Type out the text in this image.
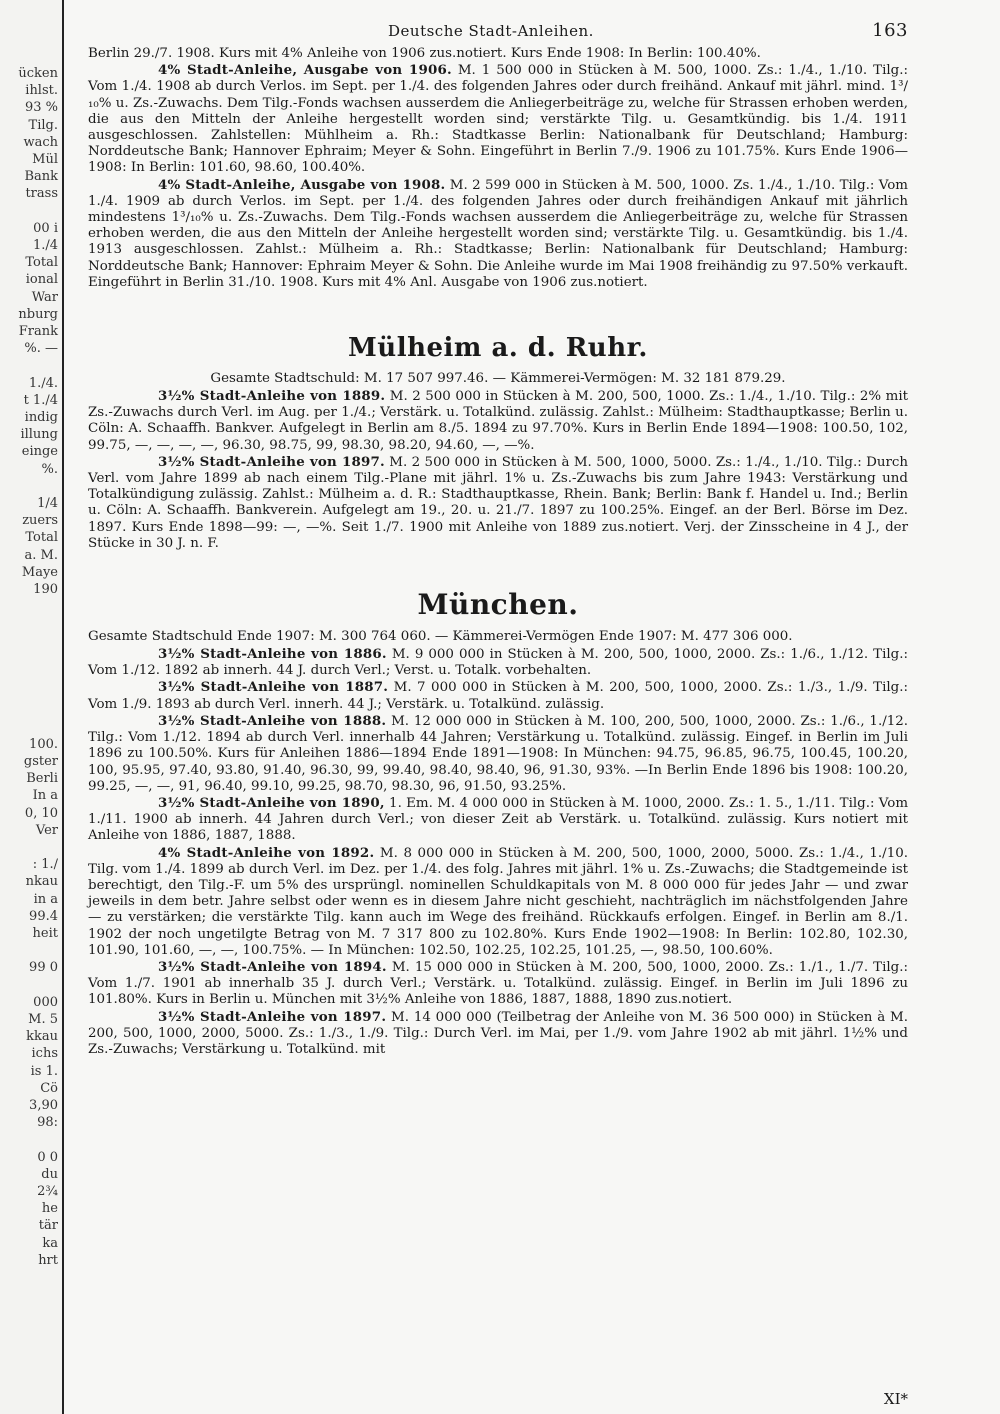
ücken
ihlst.
93 %
Tilg.
wach
Mül
Bank
trass
00 i
1./4
Total
ional
War
nburg
Frank
%. —
1./4.
t 1./4
indig
illung
einge
%.
1/4
zuers
Total
a. M.
Maye
190
100.
gster
Berli
In a
0, 10
Ver
: 1./
nkau
in a
99.4
heit
99 0
000
M. 5
kkau
ichs
is 1.
Cö
3,90
98:
0 0
du
2¾
he
tär
ka
hrt
Deutsche Stadt-Anleihen.	163

Berlin 29./7. 1908. Kurs mit 4% Anleihe von 1906 zus.notiert. Kurs Ende 1908: In Berlin: 100.40%.

4% Stadt-Anleihe, Ausgabe von 1906. M. 1 500 000 in Stücken à M. 500, 1000. Zs.: 1./4., 1./10. Tilg.: Vom 1./4. 1908 ab durch Verlos. im Sept. per 1./4. des folgenden Jahres oder durch freihänd. Ankauf mit jährl. mind. 1³/₁₀% u. Zs.-Zuwachs. Dem Tilg.-Fonds wachsen ausserdem die Anliegerbeiträge zu, welche für Strassen erhoben werden, die aus den Mitteln der Anleihe hergestellt worden sind; verstärkte Tilg. u. Gesamtkündig. bis 1./4. 1911 ausgeschlossen. Zahlstellen: Mühlheim a. Rh.: Stadtkasse Berlin: Nationalbank für Deutschland; Hamburg: Norddeutsche Bank; Hannover Ephraim; Meyer & Sohn. Eingeführt in Berlin 7./9. 1906 zu 101.75%. Kurs Ende 1906—1908: In Berlin: 101.60, 98.60, 100.40%.

4% Stadt-Anleihe, Ausgabe von 1908. M. 2 599 000 in Stücken à M. 500, 1000. Zs. 1./4., 1./10. Tilg.: Vom 1./4. 1909 ab durch Verlos. im Sept. per 1./4. des folgenden Jahres oder durch freihändigen Ankauf mit jährlich mindestens 1³/₁₀% u. Zs.-Zuwachs. Dem Tilg.-Fonds wachsen ausserdem die Anliegerbeiträge zu, welche für Strassen erhoben werden, die aus den Mitteln der Anleihe hergestellt worden sind; verstärkte Tilg. u. Gesamtkündig. bis 1./4. 1913 ausgeschlossen. Zahlst.: Mülheim a. Rh.: Stadtkasse; Berlin: Nationalbank für Deutschland; Hamburg: Norddeutsche Bank; Hannover: Ephraim Meyer & Sohn. Die Anleihe wurde im Mai 1908 freihändig zu 97.50% verkauft. Eingeführt in Berlin 31./10. 1908. Kurs mit 4% Anl. Ausgabe von 1906 zus.notiert.

Mülheim a. d. Ruhr.
Gesamte Stadtschuld: M. 17 507 997.46. — Kämmerei-Vermögen: M. 32 181 879.29.

3½% Stadt-Anleihe von 1889. M. 2 500 000 in Stücken à M. 200, 500, 1000. Zs.: 1./4., 1./10. Tilg.: 2% mit Zs.-Zuwachs durch Verl. im Aug. per 1./4.; Verstärk. u. Totalkünd. zulässig. Zahlst.: Mülheim: Stadthauptkasse; Berlin u. Cöln: A. Schaaffh. Bankver. Aufgelegt in Berlin am 8./5. 1894 zu 97.70%. Kurs in Berlin Ende 1894—1908: 100.50, 102, 99.75, —, —, —, —, 96.30, 98.75, 99, 98.30, 98.20, 94.60, —, —%.

3½% Stadt-Anleihe von 1897. M. 2 500 000 in Stücken à M. 500, 1000, 5000. Zs.: 1./4., 1./10. Tilg.: Durch Verl. vom Jahre 1899 ab nach einem Tilg.-Plane mit jährl. 1% u. Zs.-Zuwachs bis zum Jahre 1943: Verstärkung und Totalkündigung zulässig. Zahlst.: Mülheim a. d. R.: Stadthauptkasse, Rhein. Bank; Berlin: Bank f. Handel u. Ind.; Berlin u. Cöln: A. Schaaffh. Bankverein. Aufgelegt am 19., 20. u. 21./7. 1897 zu 100.25%. Eingef. an der Berl. Börse im Dez. 1897. Kurs Ende 1898—99: —, —%. Seit 1./7. 1900 mit Anleihe von 1889 zus.notiert. Verj. der Zinsscheine in 4 J., der Stücke in 30 J. n. F.

München.
Gesamte Stadtschuld Ende 1907: M. 300 764 060. — Kämmerei-Vermögen Ende 1907: M. 477 306 000.

3½% Stadt-Anleihe von 1886. M. 9 000 000 in Stücken à M. 200, 500, 1000, 2000. Zs.: 1./6., 1./12. Tilg.: Vom 1./12. 1892 ab innerh. 44 J. durch Verl.; Verst. u. Totalk. vorbehalten.

3½% Stadt-Anleihe von 1887. M. 7 000 000 in Stücken à M. 200, 500, 1000, 2000. Zs.: 1./3., 1./9. Tilg.: Vom 1./9. 1893 ab durch Verl. innerh. 44 J.; Verstärk. u. Totalkünd. zulässig.

3½% Stadt-Anleihe von 1888. M. 12 000 000 in Stücken à M. 100, 200, 500, 1000, 2000. Zs.: 1./6., 1./12. Tilg.: Vom 1./12. 1894 ab durch Verl. innerhalb 44 Jahren; Verstärkung u. Totalkünd. zulässig. Eingef. in Berlin im Juli 1896 zu 100.50%. Kurs für Anleihen 1886—1894 Ende 1891—1908: In München: 94.75, 96.85, 96.75, 100.45, 100.20, 100, 95.95, 97.40, 93.80, 91.40, 96.30, 99, 99.40, 98.40, 98.40, 96, 91.30, 93%. —In Berlin Ende 1896 bis 1908: 100.20, 99.25, —, —, 91, 96.40, 99.10, 99.25, 98.70, 98.30, 96, 91.50, 93.25%.

3½% Stadt-Anleihe von 1890, 1. Em. M. 4 000 000 in Stücken à M. 1000, 2000. Zs.: 1. 5., 1./11. Tilg.: Vom 1./11. 1900 ab innerh. 44 Jahren durch Verl.; von dieser Zeit ab Verstärk. u. Totalkünd. zulässig. Kurs notiert mit Anleihe von 1886, 1887, 1888.

4% Stadt-Anleihe von 1892. M. 8 000 000 in Stücken à M. 200, 500, 1000, 2000, 5000. Zs.: 1./4., 1./10. Tilg. vom 1./4. 1899 ab durch Verl. im Dez. per 1./4. des folg. Jahres mit jährl. 1% u. Zs.-Zuwachs; die Stadtgemeinde ist berechtigt, den Tilg.-F. um 5% des ursprüngl. nominellen Schuldkapitals von M. 8 000 000 für jedes Jahr — und zwar jeweils in dem betr. Jahre selbst oder wenn es in diesem Jahre nicht geschieht, nachträglich im nächstfolgenden Jahre — zu verstärken; die verstärkte Tilg. kann auch im Wege des freihänd. Rückkaufs erfolgen. Eingef. in Berlin am 8./1. 1902 der noch ungetilgte Betrag von M. 7 317 800 zu 102.80%. Kurs Ende 1902—1908: In Berlin: 102.80, 102.30, 101.90, 101.60, —, —, 100.75%. — In München: 102.50, 102.25, 102.25, 101.25, —, 98.50, 100.60%.

3½% Stadt-Anleihe von 1894. M. 15 000 000 in Stücken à M. 200, 500, 1000, 2000. Zs.: 1./1., 1./7. Tilg.: Vom 1./7. 1901 ab innerhalb 35 J. durch Verl.; Verstärk. u. Totalkünd. zulässig. Eingef. in Berlin im Juli 1896 zu 101.80%. Kurs in Berlin u. München mit 3½% Anleihe von 1886, 1887, 1888, 1890 zus.notiert.

3½% Stadt-Anleihe von 1897. M. 14 000 000 (Teilbetrag der Anleihe von M. 36 500 000) in Stücken à M. 200, 500, 1000, 2000, 5000. Zs.: 1./3., 1./9. Tilg.: Durch Verl. im Mai, per 1./9. vom Jahre 1902 ab mit jährl. 1½% und Zs.-Zuwachs; Verstärkung u. Totalkünd. mit

XI*
